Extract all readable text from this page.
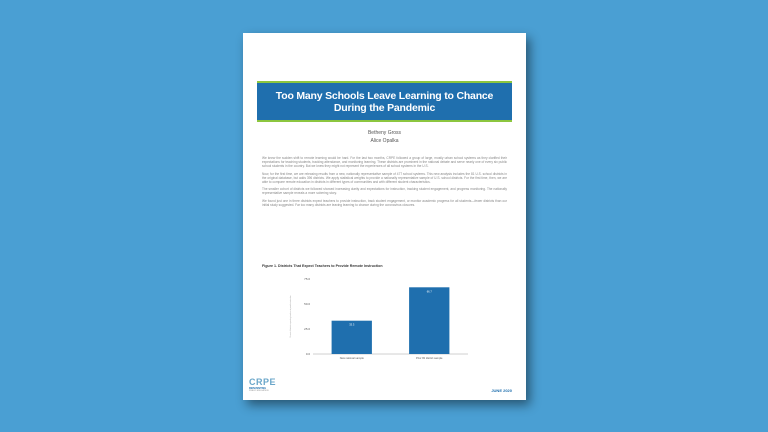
Too Many Schools Leave Learning to Chance
During the Pandemic
Betheny Gross
Alice Opalka

We knew the sudden shift to remote learning would be hard. For the last two months, CRPE followed a group of large, mostly urban school systems as they clarified their expectations for teaching students, tracking attendance, and monitoring learning. These districts are prominent in the national debate and serve nearly one of every six public school students in the country. But we knew they might not represent the experiences of all school systems in the U.S.

Now, for the first time, we are releasing results from a new, nationally representative sample of 477 school systems. This new analysis includes the 81 U.S. school districts in the original database, but adds 396 districts. We apply statistical weights to provide a nationally representative sample of U.S. school districts. For the first time, then, we are able to compare remote education in districts in different types of communities and with different student characteristics.

The smaller cohort of districts we followed showed increasing clarity and expectations for instruction, tracking student engagement, and progress monitoring. The nationally representative sample reveals a more sobering story.

We found just one in three districts expect teachers to provide instruction, track student engagement, or monitor academic progress for all students—fewer districts than our initial study suggested. Far too many districts are leaving learning to chance during the coronavirus closures.

Figure 1. Districts That Expect Teachers to Provide Remote Instruction
Percent of districts expecting teachers to provide instruction
0.0
25.0
50.0
75.0
33.3
New national sample
66.7
Prior 82 district sample
CRPE
REINVENTING
PUBLIC EDUCATION	JUNE 2020
